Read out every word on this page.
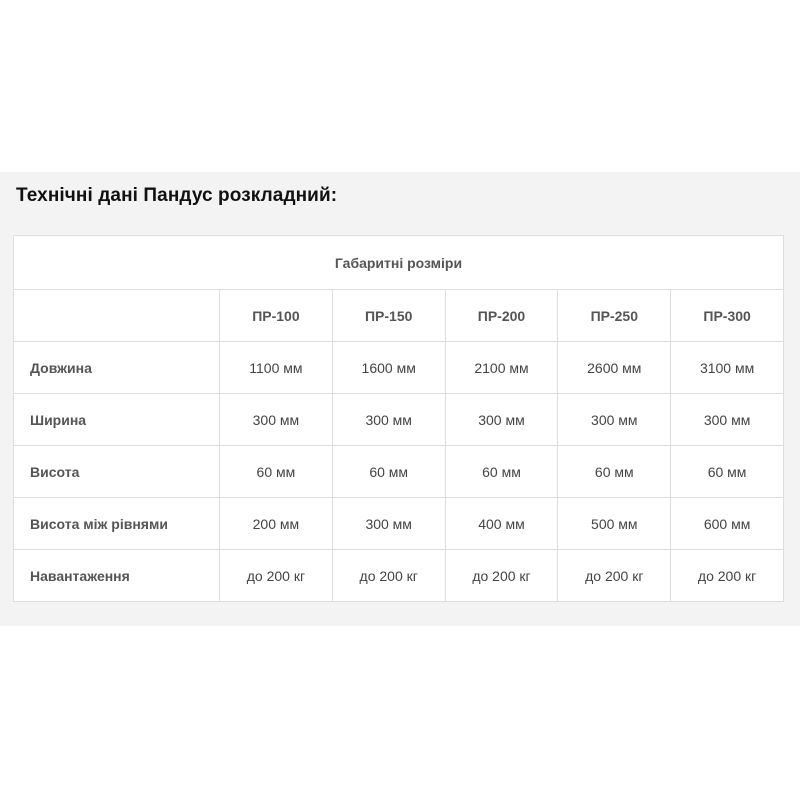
Технічні дані Пандус розкладний:
Габаритні розміри					
	ПР-100	ПР-150	ПР-200	ПР-250	ПР-300
Довжина	1100 мм	1600 мм	2100 мм	2600 мм	3100 мм
Ширина	300 мм	300 мм	300 мм	300 мм	300 мм
Висота	60 мм	60 мм	60 мм	60 мм	60 мм
Висота між рівнями	200 мм	300 мм	400 мм	500 мм	600 мм
Навантаження	до 200 кг	до 200 кг	до 200 кг	до 200 кг	до 200 кг
